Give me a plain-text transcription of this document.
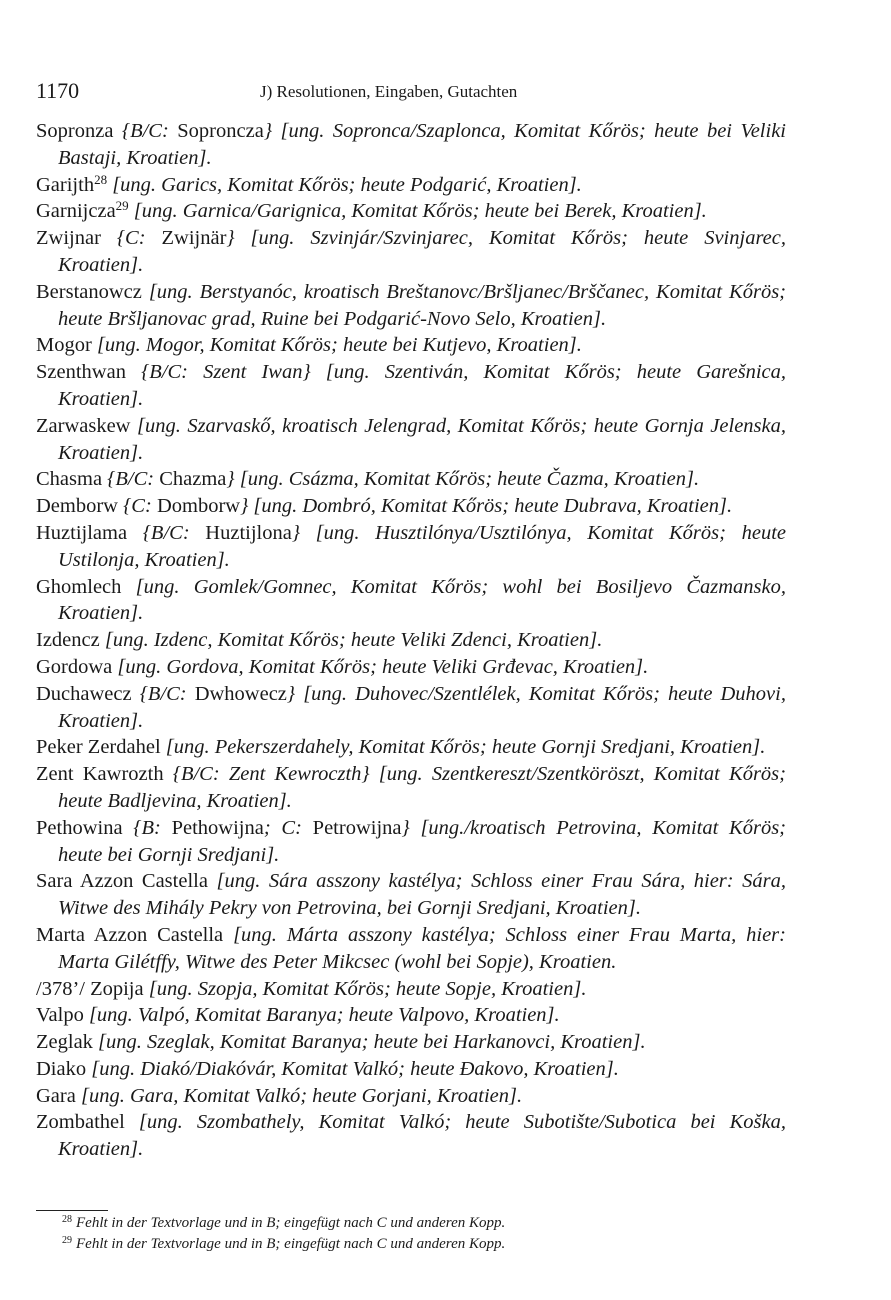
1170	J) Resolutionen, Eingaben, Gutachten

Sopronza {B/C: Sopronczа} [ung. Sopronca/Szaplonca, Komitat Kőrös; heute bei Veliki Bastaji, Kroatien].

Garijth$^{28}$ [ung. Garics, Komitat Kőrös; heute Podgarić, Kroatien].

Garnijcza$^{29}$ [ung. Garnica/Garignica, Komitat Kőrös; heute bei Berek, Kroatien].

Zwijnar {C: Zwijnär} [ung. Szvinjár/Szvinjarec, Komitat Kőrös; heute Svinjarec, Kroatien].

Berstanowcz [ung. Berstyanóc, kroatisch Breštanovc/Bršljanec/Brščanec, Komitat Kőrös; heute Bršljanovac grad, Ruine bei Podgarić-Novo Selo, Kroatien].

Mogor [ung. Mogor, Komitat Kőrös; heute bei Kutjevo, Kroatien].

Szenthwan {B/C: Szent Iwan} [ung. Szentiván, Komitat Kőrös; heute Garešnica, Kroatien].

Zarwaskew [ung. Szarvaskő, kroatisch Jelengrad, Komitat Kőrös; heute Gornja Jelenska, Kroatien].

Chasma {B/C: Chazma} [ung. Csázma, Komitat Kőrös; heute Čazma, Kroatien].

Demborw {C: Domborw} [ung. Dombró, Komitat Kőrös; heute Dubrava, Kroatien].

Huztijlama {B/C: Huztijlona} [ung. Husztilónya/Usztilónya, Komitat Kőrös; heute Ustilonja, Kroatien].

Ghomlech [ung. Gomlek/Gomnec, Komitat Kőrös; wohl bei Bosiljevo Čazmansko, Kroatien].

Izdencz [ung. Izdenc, Komitat Kőrös; heute Veliki Zdenci, Kroatien].

Gordowa [ung. Gordova, Komitat Kőrös; heute Veliki Grđevac, Kroatien].

Duchawecz {B/C: Dwhowecz} [ung. Duhovec/Szentlélek, Komitat Kőrös; heute Duhovi, Kroatien].

Peker Zerdahel [ung. Pekerszerdahely, Komitat Kőrös; heute Gornji Sredjani, Kroatien].

Zent Kawrozth {B/C: Zent Kewroczth} [ung. Szentkereszt/Szentköröszt, Komitat Kőrös; heute Badljevina, Kroatien].

Pethowina {B: Pethowijna; C: Petrowijna} [ung./kroatisch Petrovina, Komitat Kőrös; heute bei Gornji Sredjani].

Sara Azzon Castella [ung. Sára asszony kastélya; Schloss einer Frau Sára, hier: Sára, Witwe des Mihály Pekry von Petrovina, bei Gornji Sredjani, Kroatien].

Marta Azzon Castella [ung. Márta asszony kastélya; Schloss einer Frau Marta, hier: Marta Gilétffy, Witwe des Peter Mikcsec (wohl bei Sopje), Kroatien.

/378’/ Zopija [ung. Szopja, Komitat Kőrös; heute Sopje, Kroatien].

Valpo [ung. Valpó, Komitat Baranya; heute Valpovo, Kroatien].

Zeglak [ung. Szeglak, Komitat Baranya; heute bei Harkanovci, Kroatien].

Diako [ung. Diakó/Diakóvár, Komitat Valkó; heute Đakovo, Kroatien].

Gara [ung. Gara, Komitat Valkó; heute Gorjani, Kroatien].

Zombathel [ung. Szombathely, Komitat Valkó; heute Subotište/Subotica bei Koška, Kroatien].

$^{28}$ Fehlt in der Textvorlage und in B; eingefügt nach C und anderen Kopp.
$^{29}$ Fehlt in der Textvorlage und in B; eingefügt nach C und anderen Kopp.
